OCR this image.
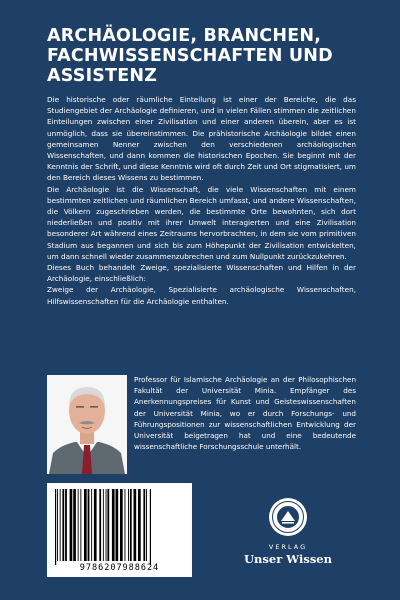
ARCHÄOLOGIE, BRANCHEN, FACHWISSENSCHAFTEN UND ASSISTENZ

Die historische oder räumliche Einteilung ist einer der Bereiche, die das Studiengebiet der Archäologie definieren, und in vielen Fällen stimmen die zeitlichen Einteilungen zwischen einer Zivilisation und einer anderen überein, aber es ist unmöglich, dass sie übereinstimmen. Die prähistorische Archäologie bildet einen gemeinsamen Nenner zwischen den verschiedenen archäologischen Wissenschaften, und dann kommen die historischen Epochen. Sie beginnt mit der Kenntnis der Schrift, und diese Kenntnis wird oft durch Zeit und Ort stigmatisiert, um den Bereich dieses Wissens zu bestimmen.

Die Archäologie ist die Wissenschaft, die viele Wissenschaften mit einem bestimmten zeitlichen und räumlichen Bereich umfasst, und andere Wissenschaften, die Völkern zugeschrieben werden, die bestimmte Orte bewohnten, sich dort niederließen und positiv mit ihrer Umwelt interagierten und eine Zivilisation besonderer Art während eines Zeitraums hervorbrachten, in dem sie vom primitiven Stadium aus begannen und sich bis zum Höhepunkt der Zivilisation entwickelten, um dann schnell wieder zusammenzubrechen und zum Nullpunkt zurückzukehren.

Dieses Buch behandelt Zweige, spezialisierte Wissenschaften und Hilfen in der Archäologie, einschließlich:

Zweige der Archäologie, Spezialisierte archäologische Wissenschaften, Hilfswissenschaften für die Archäologie enthalten.

Professor für Islamische Archäologie an der Philosophischen Fakultät der Universität Minia. Empfänger des Anerkennungspreises für Kunst und Geisteswissenschaften der Universität Minia, wo er durch Forschungs- und Führungspositionen zur wissenschaftlichen Entwicklung der Universität beigetragen hat und eine bedeutende wissenschaftliche Forschungsschule unterhält.
9786207988624
VERLAG
Unser Wissen
